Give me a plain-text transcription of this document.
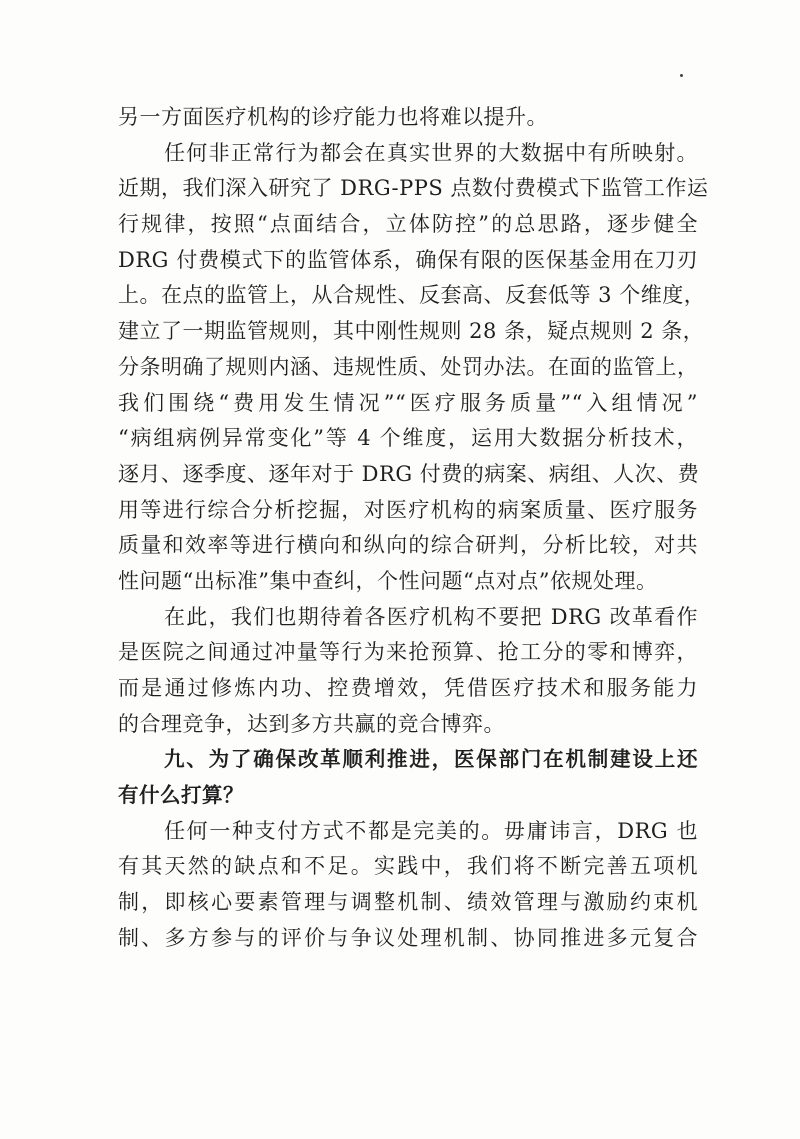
另一方面医疗机构的诊疗能力也将难以提升。
任何非正常行为都会在真实世界的大数据中有所映射。
近期，我们深入研究了 DRG-PPS 点数付费模式下监管工作运
行规律，按照“点面结合，立体防控”的总思路，逐步健全
DRG 付费模式下的监管体系，确保有限的医保基金用在刀刃
上。在点的监管上，从合规性、反套高、反套低等 3 个维度，
建立了一期监管规则，其中刚性规则 28 条，疑点规则 2 条，
分条明确了规则内涵、违规性质、处罚办法。在面的监管上，
我们围绕“费用发生情况”“医疗服务质量”“入组情况”
“病组病例异常变化”等 4 个维度，运用大数据分析技术，
逐月、逐季度、逐年对于 DRG 付费的病案、病组、人次、费
用等进行综合分析挖掘，对医疗机构的病案质量、医疗服务
质量和效率等进行横向和纵向的综合研判，分析比较，对共
性问题“出标准”集中查纠，个性问题“点对点”依规处理。
在此，我们也期待着各医疗机构不要把 DRG 改革看作
是医院之间通过冲量等行为来抢预算、抢工分的零和博弈，
而是通过修炼内功、控费增效，凭借医疗技术和服务能力
的合理竞争，达到多方共赢的竞合博弈。
九、为了确保改革顺利推进，医保部门在机制建设上还
有什么打算？
任何一种支付方式不都是完美的。毋庸讳言，DRG 也
有其天然的缺点和不足。实践中，我们将不断完善五项机
制，即核心要素管理与调整机制、绩效管理与激励约束机
制、多方参与的评价与争议处理机制、协同推进多元复合
